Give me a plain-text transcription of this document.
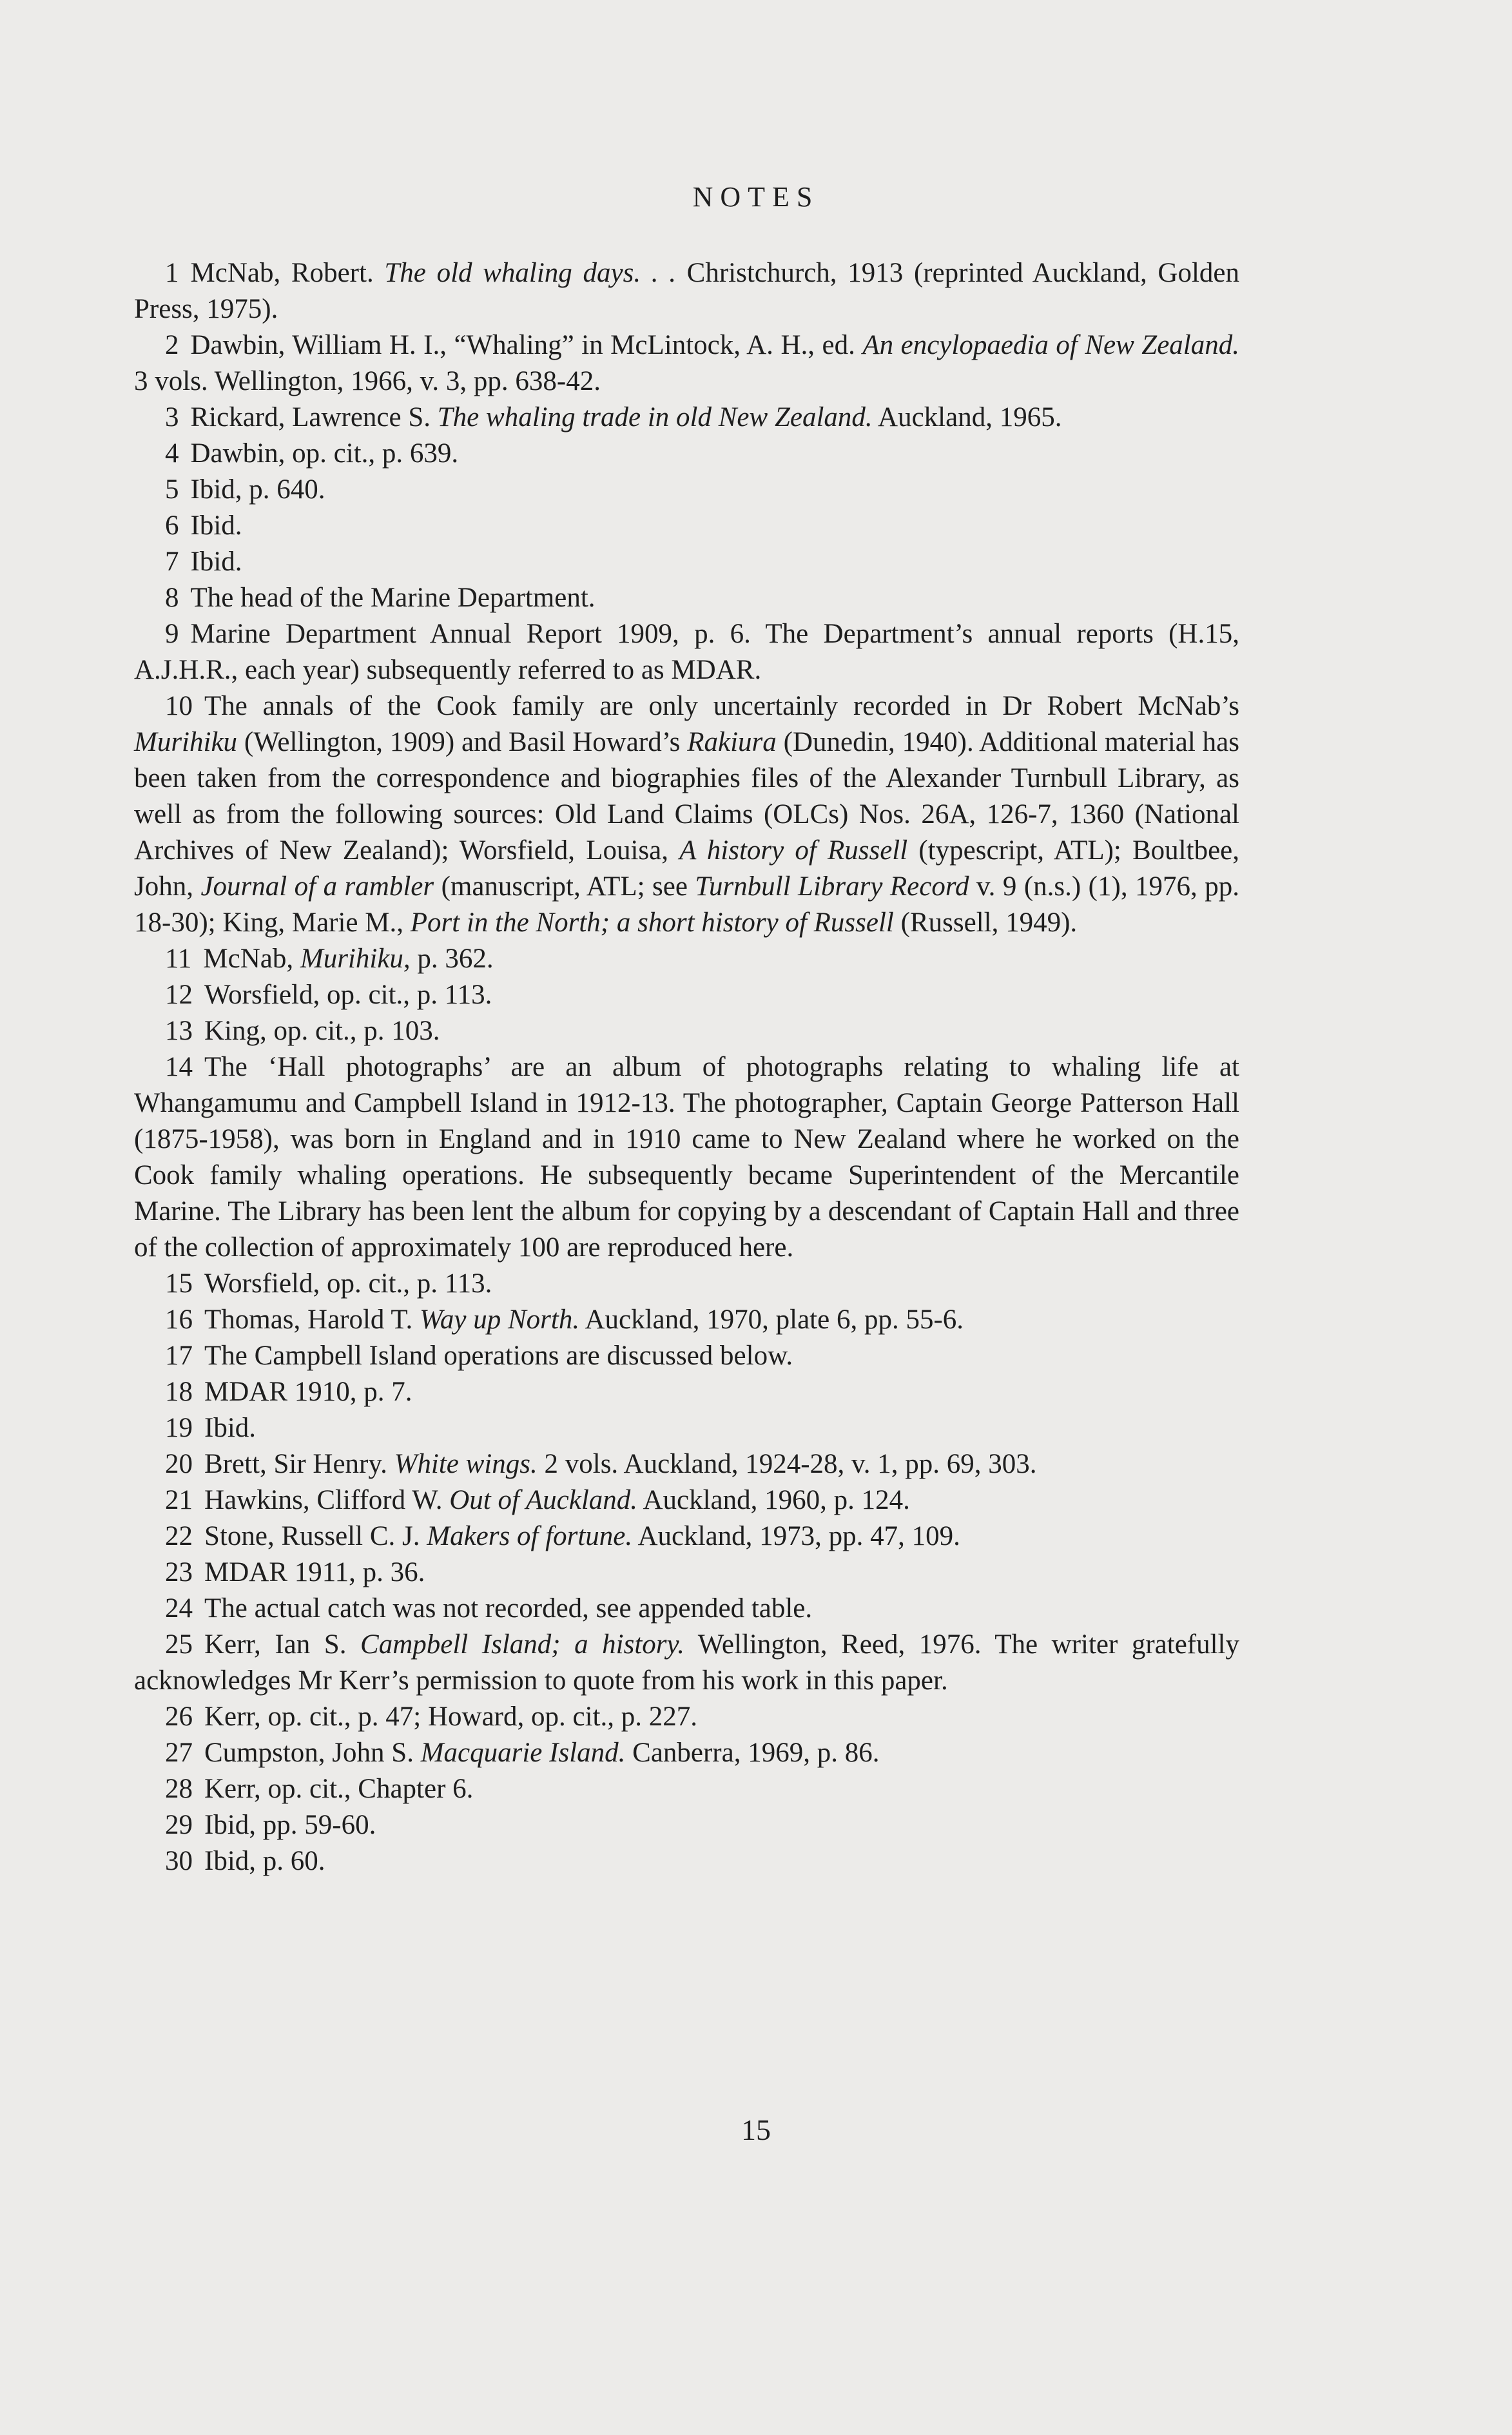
NOTES

1 McNab, Robert. The old whaling days. . . Christchurch, 1913 (reprinted Auckland, Golden Press, 1975).

2 Dawbin, William H. I., “Whaling” in McLintock, A. H., ed. An encylopaedia of New Zealand. 3 vols. Wellington, 1966, v. 3, pp. 638-42.

3 Rickard, Lawrence S. The whaling trade in old New Zealand. Auckland, 1965.

4 Dawbin, op. cit., p. 639.

5 Ibid, p. 640.

6 Ibid.

7 Ibid.

8 The head of the Marine Department.

9 Marine Department Annual Report 1909, p. 6. The Department’s annual reports (H.15, A.J.H.R., each year) subsequently referred to as MDAR.

10 The annals of the Cook family are only uncertainly recorded in Dr Robert McNab’s Murihiku (Wellington, 1909) and Basil Howard’s Rakiura (Dunedin, 1940). Additional material has been taken from the correspondence and biographies files of the Alexander Turnbull Library, as well as from the following sources: Old Land Claims (OLCs) Nos. 26A, 126-7, 1360 (National Archives of New Zealand); Worsfield, Louisa, A history of Russell (typescript, ATL); Boultbee, John, Journal of a rambler (manuscript, ATL; see Turnbull Library Record v. 9 (n.s.) (1), 1976, pp. 18-30); King, Marie M., Port in the North; a short history of Russell (Russell, 1949).

11 McNab, Murihiku, p. 362.

12 Worsfield, op. cit., p. 113.

13 King, op. cit., p. 103.

14 The ‘Hall photographs’ are an album of photographs relating to whaling life at Whangamumu and Campbell Island in 1912-13. The photographer, Captain George Patterson Hall (1875-1958), was born in England and in 1910 came to New Zealand where he worked on the Cook family whaling operations. He subsequently became Superintendent of the Mercantile Marine. The Library has been lent the album for copying by a descendant of Captain Hall and three of the collection of approximately 100 are reproduced here.

15 Worsfield, op. cit., p. 113.

16 Thomas, Harold T. Way up North. Auckland, 1970, plate 6, pp. 55-6.

17 The Campbell Island operations are discussed below.

18 MDAR 1910, p. 7.

19 Ibid.

20 Brett, Sir Henry. White wings. 2 vols. Auckland, 1924-28, v. 1, pp. 69, 303.

21 Hawkins, Clifford W. Out of Auckland. Auckland, 1960, p. 124.

22 Stone, Russell C. J. Makers of fortune. Auckland, 1973, pp. 47, 109.

23 MDAR 1911, p. 36.

24 The actual catch was not recorded, see appended table.

25 Kerr, Ian S. Campbell Island; a history. Wellington, Reed, 1976. The writer gratefully acknowledges Mr Kerr’s permission to quote from his work in this paper.

26 Kerr, op. cit., p. 47; Howard, op. cit., p. 227.

27 Cumpston, John S. Macquarie Island. Canberra, 1969, p. 86.

28 Kerr, op. cit., Chapter 6.

29 Ibid, pp. 59-60.

30 Ibid, p. 60.

15
